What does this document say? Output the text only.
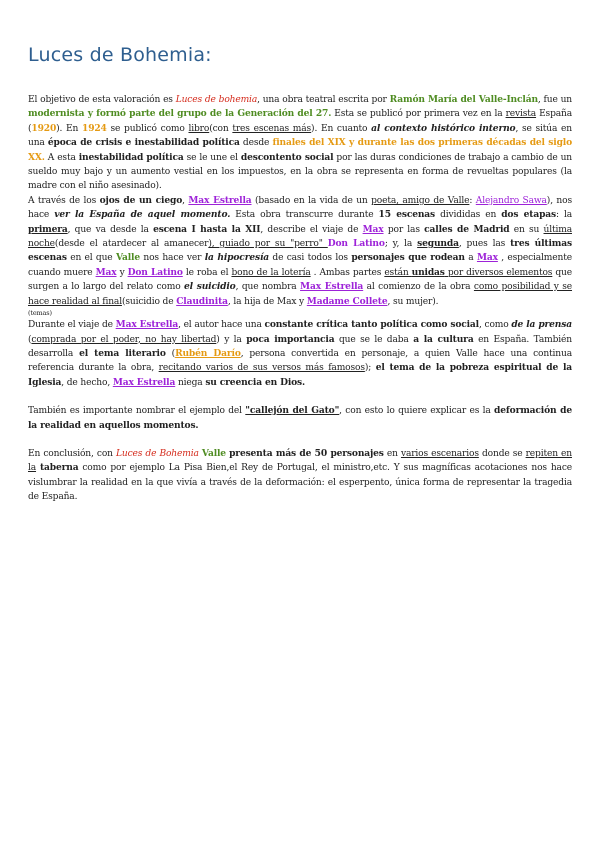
Luces de Bohemia:

El objetivo de esta valoración es Luces de bohemia, una obra teatral escrita por Ramón María del Valle-Inclán, fue un modernista y formó parte del grupo de la Generación del 27. Esta se publicó por primera vez en la revista España (1920). En 1924 se publicó como libro(con tres escenas más). En cuanto al contexto histórico interno, se sitúa en una época de crisis e inestabilidad política desde finales del XIX y durante las dos primeras décadas del siglo XX. A esta inestabilidad política se le une el descontento social por las duras condiciones de trabajo a cambio de un sueldo muy bajo y un aumento vestial en los impuestos, en la obra se representa en forma de revueltas populares (la madre con el niño asesinado).

A través de los ojos de un ciego, Max Estrella (basado en la vida de un poeta, amigo de Valle: Alejandro Sawa), nos hace ver la España de aquel momento. Esta obra transcurre durante 15 escenas divididas en dos etapas: la primera, que va desde la escena I hasta la XII, describe el viaje de Max por las calles de Madrid en su última noche(desde el atardecer al amanecer), guiado por su "perro" Don Latino; y, la segunda, pues las tres últimas escenas en el que Valle nos hace ver la hipocresía de casi todos los personajes que rodean a Max , especialmente cuando muere Max y Don Latino le roba el bono de la lotería . Ambas partes están unidas por diversos elementos que surgen a lo largo del relato como el suicidio, que nombra Max Estrella al comienzo de la obra como posibilidad y se hace realidad al final(suicidio de Claudinita, la hija de Max y Madame Collete, su mujer).
(temas)

Durante el viaje de Max Estrella, el autor hace una constante crítica tanto política como social, como de la prensa (comprada por el poder, no hay libertad) y la poca importancia que se le daba a la cultura en España. También desarrolla el tema literario (Rubén Darío, persona convertida en personaje, a quien Valle hace una continua referencia durante la obra, recitando varios de sus versos más famosos); el tema de la pobreza espiritual de la Iglesia, de hecho, Max Estrella niega su creencia en Dios.

También es importante nombrar el ejemplo del "callejón del Gato", con esto lo quiere explicar es la deformación de la realidad en aquellos momentos.

En conclusión, con Luces de Bohemia Valle presenta más de 50 personajes en varios escenarios donde se repiten en la taberna como por ejemplo La Pisa Bien,el Rey de Portugal, el ministro,etc. Y sus magníficas acotaciones nos hace vislumbrar la realidad en la que vivía a través de la deformación: el esperpento, única forma de representar la tragedia de España.
